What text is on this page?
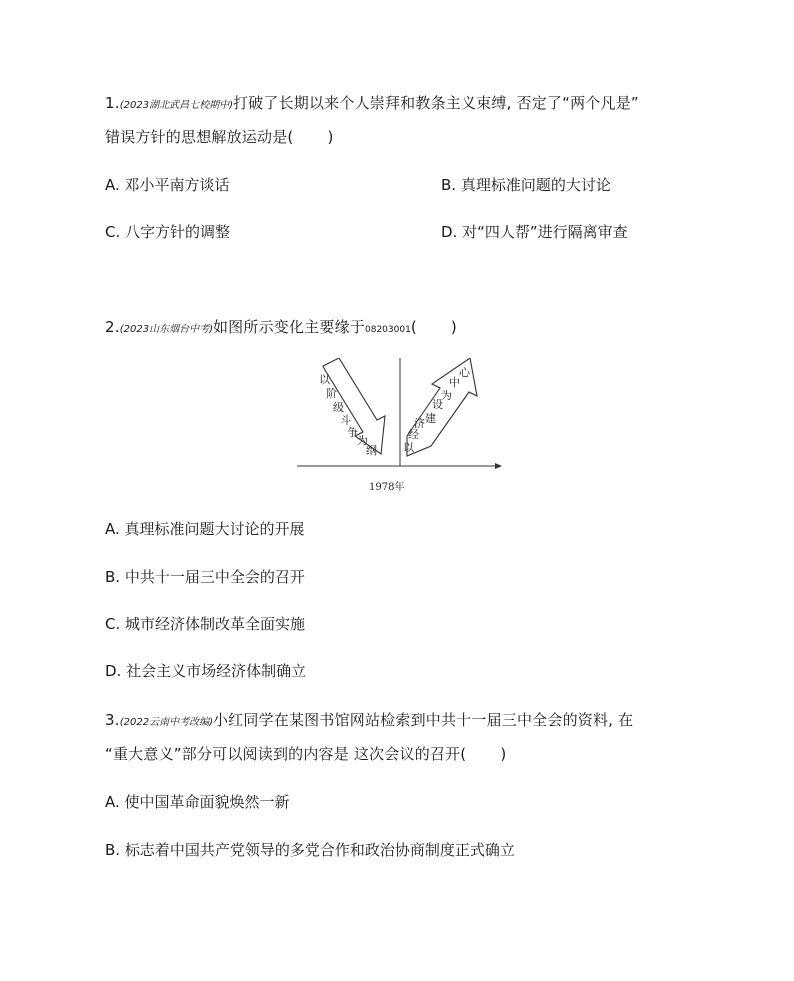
1.(2023湖北武昌七校期中)打破了长期以来个人崇拜和教条主义束缚, 否定了“两个凡是”
错误方针的思想解放运动是( )
A. 邓小平南方谈话	B. 真理标准问题的大讨论
C. 八字方针的调整	D. 对“四人帮”进行隔离审查
2.(2023山东烟台中考)如图所示变化主要缘于08203001( )
以
阶
级
斗
争
为
纲 以
经
济 建
设
为
中
心
1978年
A. 真理标准问题大讨论的开展
B. 中共十一届三中全会的召开
C. 城市经济体制改革全面实施
D. 社会主义市场经济体制确立
3.(2022云南中考改编)小红同学在某图书馆网站检索到中共十一届三中全会的资料, 在
“重大意义”部分可以阅读到的内容是 这次会议的召开( )
A. 使中国革命面貌焕然一新
B. 标志着中国共产党领导的多党合作和政治协商制度正式确立
